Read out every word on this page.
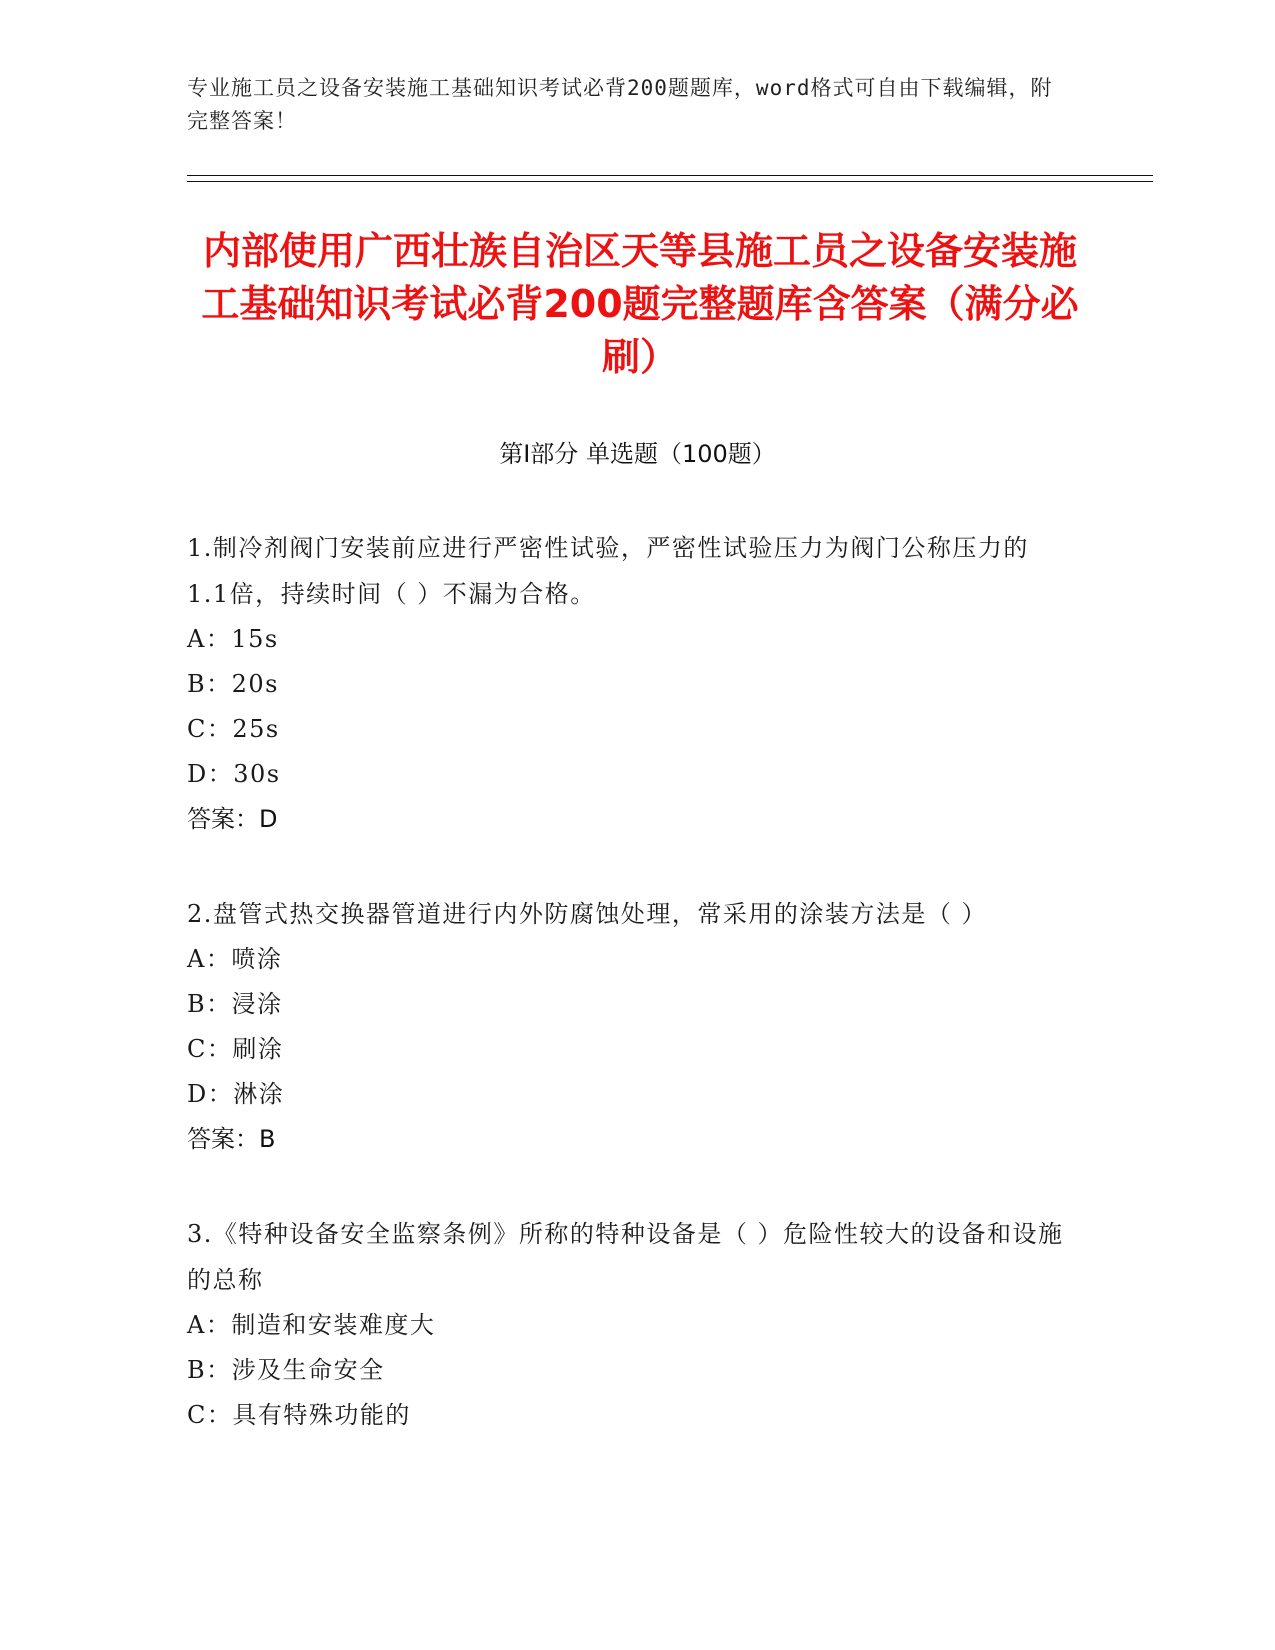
专业施工员之设备安装施工基础知识考试必背200题题库，word格式可自由下载编辑，附完整答案！
内部使用广西壮族自治区天等县施工员之设备安装施工基础知识考试必背200题完整题库含答案（满分必刷）
第I部分 单选题（100题）
1.制冷剂阀门安装前应进行严密性试验，严密性试验压力为阀门公称压力的1.1倍，持续时间（ ）不漏为合格。
A：15s
B：20s
C：25s
D：30s
答案：D
2.盘管式热交换器管道进行内外防腐蚀处理，常采用的涂装方法是（ ）
A：喷涂
B：浸涂
C：刷涂
D：淋涂
答案：B
3.《特种设备安全监察条例》所称的特种设备是（ ）危险性较大的设备和设施的总称
A：制造和安装难度大
B：涉及生命安全
C：具有特殊功能的
